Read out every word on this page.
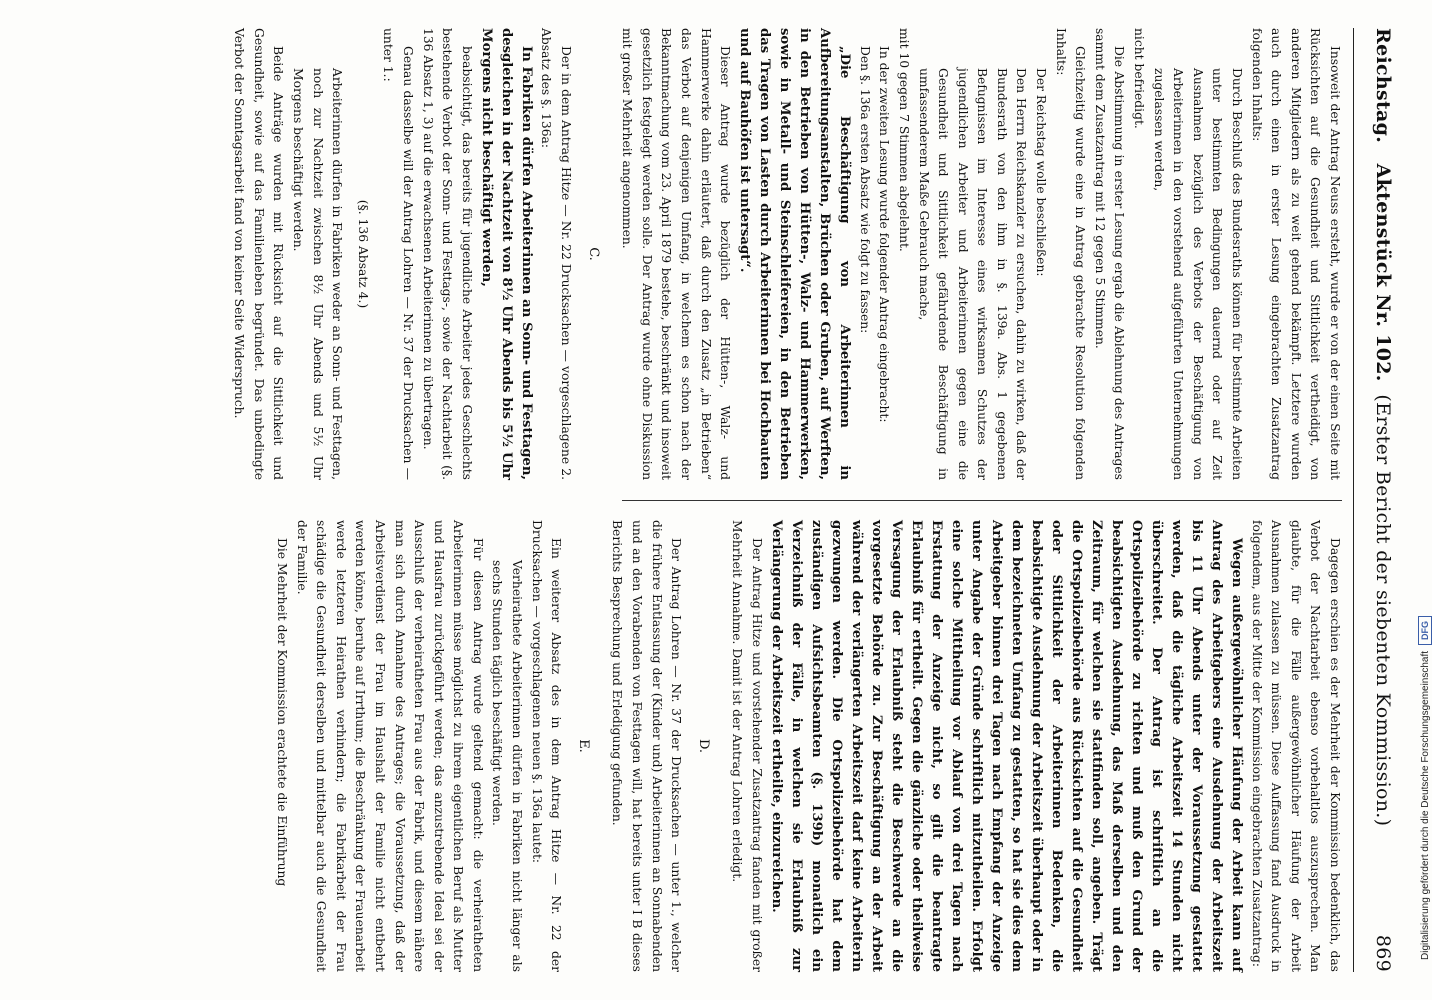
Reichstag.
Aktenstück Nr. 102.  (Erster Bericht der siebenten Kommission.)
869

Insoweit der Antrag Neuss ersteht, wurde er von der einen Seite mit Rücksichten auf die Gesundheit und Sittlichkeit vertheidigt, von anderen Mitgliedern als zu weit gehend bekämpft. Letztere wurden auch durch einen in erster Lesung eingebrachten Zusatzantrag folgenden Inhalts:

Durch Beschluß des Bundesraths können für bestimmte Arbeiten unter bestimmten Bedingungen dauernd oder auf Zeit Ausnahmen bezüglich des Verbots der Beschäftigung von Arbeiterinnen in den vorstehend aufgeführten Unternehmungen zugelassen werden,

nicht befriedigt.

Die Abstimmung in erster Lesung ergab die Ablehnung des Antrages sammt dem Zusatzantrag mit 12 gegen 5 Stimmen.

Gleichzeitig wurde eine in Antrag gebrachte Resolution folgenden Inhalts:

Der Reichstag wolle beschließen:

Den Herrn Reichskanzler zu ersuchen, dahin zu wirken, daß der Bundesrath von den ihm in §. 139a. Abs. 1 gegebenen Befugnissen im Interesse eines wirksamen Schutzes der jugendlichen Arbeiter und Arbeiterinnen gegen eine die Gesundheit und Sittlichkeit gefährdende Beschäftigung in umfassenderem Maße Gebrauch mache,

mit 10 gegen 7 Stimmen abgelehnt.

In der zweiten Lesung wurde folgender Antrag eingebracht:

Den §. 136a ersten Absatz wie folgt zu fassen:

„Die Beschäftigung von Arbeiterinnen in Aufbereitungsanstalten, Brüchen oder Gruben, auf Werften, in den Betrieben von Hütten-, Walz- und Hammerwerken, sowie in Metall- und Steinschleifereien, in den Betrieben das Tragen von Lasten durch Arbeiterinnen bei Hochbauten und auf Bauhöfen ist untersagt“.

Dieser Antrag wurde bezüglich der Hütten-, Walz- und Hammerwerke dahin erläutert, daß durch den Zusatz „in Betrieben“ das Verbot auf denjenigen Umfang, in welchem es schon nach der Bekanntmachung vom 23. April 1879 bestehe, beschränkt und insoweit gesetzlich festgelegt werden solle. Der Antrag wurde ohne Diskussion mit großer Mehrheit angenommen.

C.

Der in dem Antrag Hitze — Nr. 22 Drucksachen — vorgeschlagene 2. Absatz des §. 136a:

In Fabriken dürfen Arbeiterinnen an Sonn- und Festtagen, desgleichen in der Nachtzeit von 8½ Uhr Abends bis 5½ Uhr Morgens nicht beschäftigt werden,

beabsichtigt, das bereits für jugendliche Arbeiter jedes Geschlechts bestehende Verbot der Sonn- und Festtags-, sowie der Nachtarbeit (§. 136 Absatz 1, 3) auf die erwachsenen Arbeiterinnen zu übertragen.

Genau dasselbe will der Antrag Lohren — Nr. 37 der Drucksachen — unter 1.:

(§. 136 Absatz 4.)

Arbeiterinnen dürfen in Fabriken weder an Sonn- und Festtagen, noch zur Nachtzeit zwischen 8½ Uhr Abends und 5½ Uhr Morgens beschäftigt werden.

Beide Anträge wurden mit Rücksicht auf die Sittlichkeit und Gesundheit, sowie auf das Familienleben begründet. Das unbedingte Verbot der Sonntagsarbeit fand von keiner Seite Widerspruch.

Dagegen erschien es der Mehrheit der Kommission bedenklich, das Verbot der Nachtarbeit ebenso vorbehaltlos auszusprechen. Man glaubte, für die Fälle außergewöhnlicher Häufung der Arbeit Ausnahmen zulassen zu müssen. Diese Auffassung fand Ausdruck in folgendem, aus der Mitte der Kommission eingebrachten Zusatzantrag:

Wegen außergewöhnlicher Häufung der Arbeit kann auf Antrag des Arbeitgebers eine Ausdehnung der Arbeitszeit bis 11 Uhr Abends unter der Voraussetzung gestattet werden, daß die tägliche Arbeitszeit 14 Stunden nicht überschreitet. Der Antrag ist schriftlich an die Ortspolizeibehörde zu richten und muß den Grund der beabsichtigten Ausdehnung, das Maß derselben und den Zeitraum, für welchen sie stattfinden soll, angeben. Trägt die Ortspolizeibehörde aus Rücksichten auf die Gesundheit oder Sittlichkeit der Arbeiterinnen Bedenken, die beabsichtigte Ausdehnung der Arbeitszeit überhaupt oder in dem bezeichneten Umfang zu gestatten, so hat sie dies dem Arbeitgeber binnen drei Tagen nach Empfang der Anzeige unter Angabe der Gründe schriftlich mitzutheilen. Erfolgt eine solche Mittheilung vor Ablauf von drei Tagen nach Erstattung der Anzeige nicht, so gilt die beantragte Erlaubniß für ertheilt. Gegen die gänzliche oder theilweise Versagung der Erlaubniß steht die Beschwerde an die vorgesetzte Behörde zu. Zur Beschäftigung an der Arbeit während der verlängerten Arbeitszeit darf keine Arbeiterin gezwungen werden. Die Ortspolizeibehörde hat dem zuständigen Aufsichtsbeamten (§. 139b) monatlich ein Verzeichniß der Fälle, in welchen sie Erlaubniß zur Verlängerung der Arbeitszeit ertheilte, einzureichen.

Der Antrag Hitze und vorstehender Zusatzantrag fanden mit großer Mehrheit Annahme. Damit ist der Antrag Lohren erledigt.

D.

Der Antrag Lohren — Nr. 37 der Drucksachen — unter 1., welcher die frühere Entlassung der (Kinder und) Arbeiterinnen an Sonnabenden und an den Vorabenden von Festtagen will, hat bereits unter I B dieses Berichts Besprechung und Erledigung gefunden.

E.

Ein weiterer Absatz des in dem Antrag Hitze — Nr. 22 der Drucksachen — vorgeschlagenen neuen §. 136a lautet:

Verheirathete Arbeiterinnen dürfen in Fabriken nicht länger als sechs Stunden täglich beschäftigt werden.

Für diesen Antrag wurde geltend gemacht: die verheiratheten Arbeiterinnen müsse möglichst zu ihrem eigentlichen Beruf als Mutter und Hausfrau zurückgeführt werden; das anzustrebende Ideal sei der Ausschluß der verheiratheten Frau aus der Fabrik, und diesem nähere man sich durch Annahme des Antrages; die Voraussetzung, daß der Arbeitsverdienst der Frau im Haushalt der Familie nicht entbehrt werden könne, beruhe auf Irrthum; die Beschränkung der Frauenarbeit werde letzteren Heirathen verhindern; die Fabrikarbeit der Frau schädige die Gesundheit derselben und mittelbar auch die Gesundheit der Familie.

Die Mehrheit der Kommission erachtete die Einführung	Digitalisierung gefördert durch die Deutsche ForschungsgemeinschaftDFG
